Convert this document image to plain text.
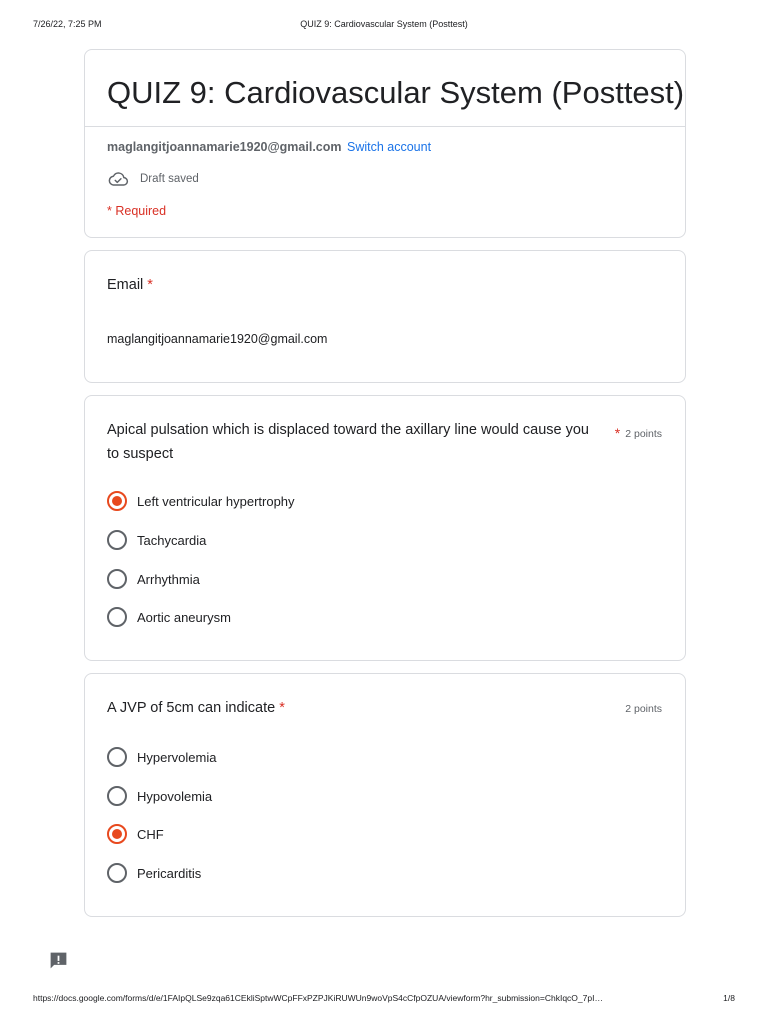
7/26/22, 7:25 PM	QUIZ 9: Cardiovascular System (Posttest)
QUIZ 9: Cardiovascular System (Posttest)
maglangitjoannamarie1920@gmail.com Switch account
Draft saved
* Required
Email *
maglangitjoannamarie1920@gmail.com
Apical pulsation which is displaced toward the axillary line would cause you to suspect
* 2 points
Left ventricular hypertrophy
Tachycardia
Arrhythmia
Aortic aneurysm
A JVP of 5cm can indicate *	2 points
Hypervolemia
Hypovolemia
CHF
Pericarditis
https://docs.google.com/forms/d/e/1FAIpQLSe9zqa61CEkliSptwWCpFFxPZPJKiRUWUn9woVpS4cCfpOZUA/viewform?hr_submission=ChkIqcO_7pI…	1/8
